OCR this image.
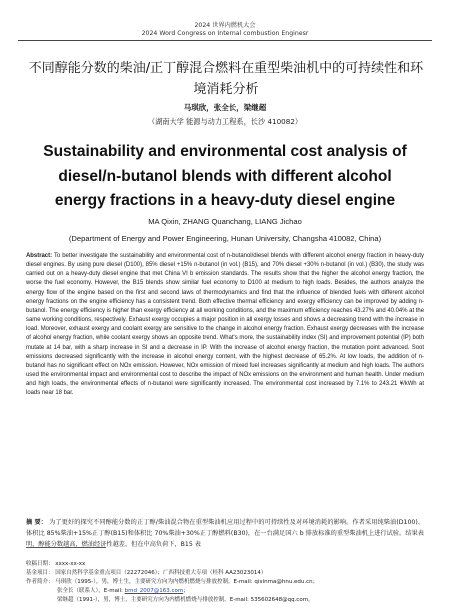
2024 世界内燃机大会
2024 Word Congress on Internal combustion Enginesr
不同醇能分数的柴油/正丁醇混合燃料在重型柴油机中的可持续性和环境消耗分析
马琪欣，张全长，梁继超
（湖南大学 能源与动力工程系，长沙 410082）
Sustainability and environmental cost analysis of diesel/n-butanol blends with different alcohol energy fractions in a heavy-duty diesel engine
MA Qixin, ZHANG Quanchang, LIANG Jichao
(Department of Energy and Power Engineering, Hunan University, Changsha 410082, China)
Abstract: To better investigate the sustainability and environmental cost of n-butanol/diesel blends with different alcohol energy fraction in heavy-duty diesel engines. By using pure diesel (D100), 85% diesel +15% n-butanol (in vol.) (B15), and 70% diesel +30% n-butanol (in vol.) (B30), the study was carried out on a heavy-duty diesel engine that met China VI b emission standards. The results show that the higher the alcohol energy fraction, the worse the fuel economy. However, the B15 blends show similar fuel economy to D100 at medium to high loads. Besides, the authors analyze the energy flow of the engine based on the first and second laws of thermodynamics and find that the influence of blended fuels with different alcohol energy fractions on the engine efficiency has a consistent trend. Both effective thermal efficiency and exergy efficiency can be improved by adding n-butanol. The energy efficiency is higher than exergy efficiency at all working conditions, and the maximum efficiency reaches 43.27% and 40.04% at the same working conditions, respectively. Exhaust exergy occupies a major position in all exergy losses and shows a decreasing trend with the increase in load. Moreover, exhaust exergy and coolant exergy are sensitive to the change in alcohol energy fraction. Exhaust exergy decreases with the increase of alcohol energy fraction, while coolant exergy shows an opposite trend. What's more, the sustainability index (SI) and improvement potential (IP) both mutate at 14 bar, with a sharp increase in SI and a decrease in IP. With the increase of alcohol energy fraction, the mutation point advanced. Soot emissions decreased significantly with the increase in alcohol energy content, with the highest decrease of 65.2%. At low loads, the addition of n-butanol has no significant effect on NOx emission. However, NOx emission of mixed fuel increases significantly at medium and high loads. The authors used the environmental impact and environmental cost to describe the impact of NOx emissions on the environment and human health. Under medium and high loads, the environmental effects of n-butanol were significantly increased. The environmental cost increased by 7.1% to 243.21 ¥/kWh at loads near 18 bar.
摘 要： 为了更好的探究不同醇能分数的正丁醇/柴油混合物在重型柴油机应用过程中的可持续性及对环境消耗的影响。作者采用纯柴油(D100)、体积比 85%柴油+15%正丁醇(B15)和体积比 70%柴油+30%正丁醇燃料(B30)，在一台满足国六 b 排放标准的重型柴油机上进行试验。结果表明，醇能分数越高，燃油经济性越差。但在中高负荷下，B15 表
收稿日期： xxxx-xx-xx
基金项目： 国家自然科学基金重点项目（22272046）；广西科技重大专项（桂科 AA23023014）
作者简介： 马琪欣（1995-），男，博士生，主要研究方向为内燃机燃烧与排放控制。E-mail: qixinma@hnu.edu.cn；
张全长（联系人），E-mail: bmd_2007@163.com；
梁继超（1991-），男，博士，主要研究方向为内燃机燃烧与排放控制。E-mail: 535602648@qq.com。
